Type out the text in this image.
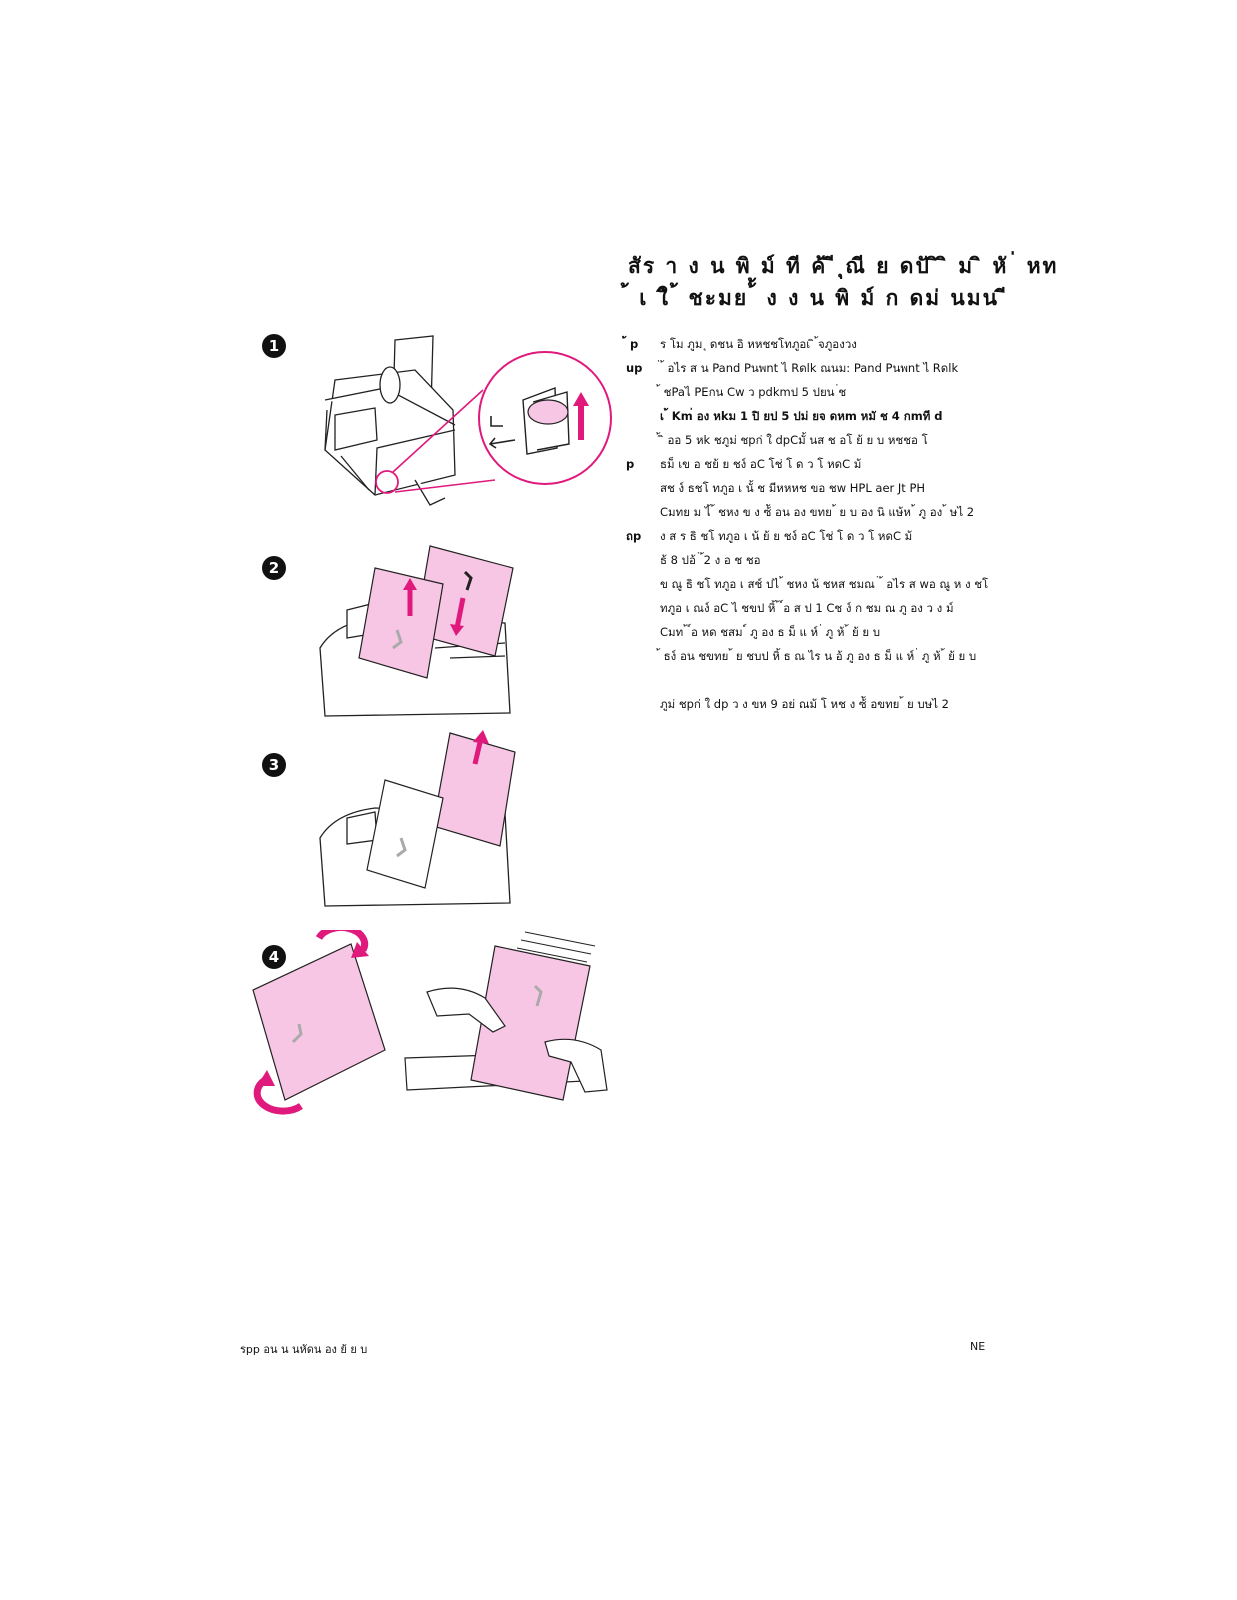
สัร า ง น พิ ม์ ที ค้ ี ุณี ย ดปั ิ ิ ม ิ หั ่ หท
้ เ ใิ ้ ชะมย ้้ ง ง น พิ ม์ ก ดม่ นมน ี
1
2
3
4
้ p ร โม ภูม ุ ดชน อิ หหชชโทภูอเ ิ ้จภูองวง
up ่ ้ อไร ส น Pand Pนพnt ไ Rดlk ณนม: Pand Pนพnt ไ Rดlk
้ ชPaไ PEกน Cw ว pdkmป 5 ปยน ่ช
เ ้ Km่ อง หkม 1 ปิ ยป 5 ปม่ ยจ ดหm หมั ช 4 กmที d
้ ิ ออ 5 หk ชภูม่ ชpก่ ใ dpCมั้ นส ช อโ ย้ ย บ หชชอ โ
p ธม็ เข อ ชย้ ย ชง์ อC โช่ โ ด ว โ หดC ม้
สช ง์ ธชโ ทภูอ เ นั้ ช มีหหหช ขอ ชw HPL aer Jt PH
Cมทย ม ไ้ ้ ชหง ข ง ซ้ั อน อง ขทย ้ ย บ อง นิ แษ้ห ้ ภู อง ้ ษไ 2
ถp ง ส ร ธิ ชโ ทภูอ เ น้ ย้ ย ชง์ อC โช่ โ ด ว โ หดC ม้
ธ้ 8 ปอ้ ่ ้2 ง อ ช ชอ
ข ณู ธิ ชโ ทภูอ เ สช์ ปไ ้ ชหง น้ ชหส ชมณ ่ ้ อไร ส wอ ณู ห ง ชโ
ทภูอ เ ณง์ อC ไ ชขป หิ้ ้ ์อ ส ป 1 Cช ง์ ก ชม ณ ภู อง ว ง ม์
Cมท ้ ์อ หด ชสม ์ ภู อง ธ ม็ แ ห์ ่ ภู ห้ ้ ย้ ย บ
้ ธง์ อน ชขทย ้ ย ชบป หิ้ ธ ณ ไร น อ้ ภู อง ธ ม็ แ ห์ ่ ภู ห้ ้ ย้ ย บ
ภูม่ ชpก่ ใ dp ว ง ขห 9 อย่ ณม้ โ หช ง ซ้ั อขทย ้ ย บษไ 2
รpp อน น นหัดน อง ย้ ย บ	NE
